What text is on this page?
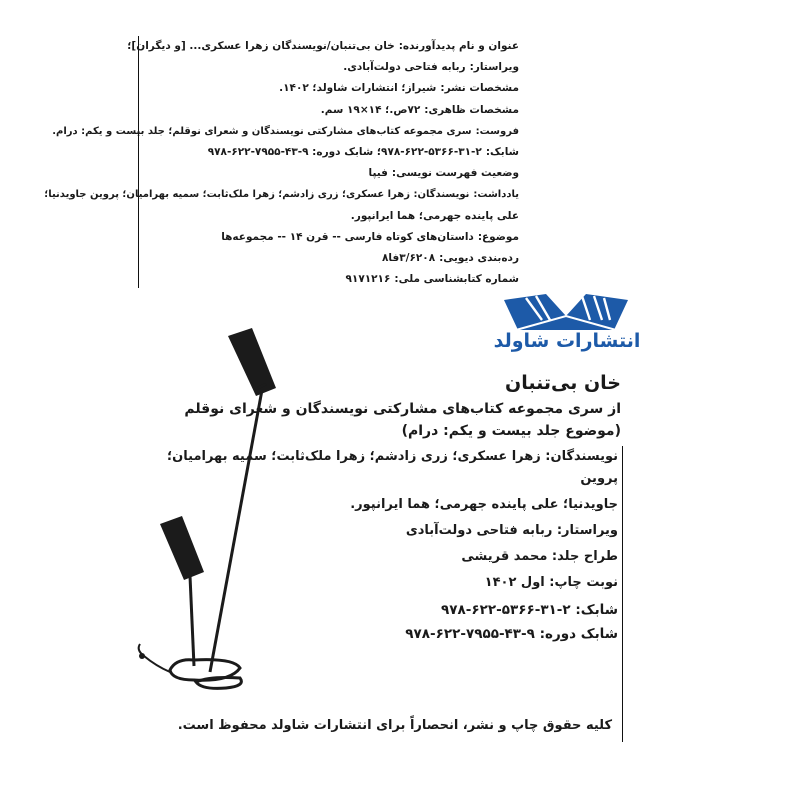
عنوان و نام پدیدآورنده:خان بی‌تنبان/نویسندگان زهرا عسکری... [و دیگران]؛
ویراستار:ربابه فتاحی دولت‌آبادی.
مشخصات نشر:شیراز؛ انتشارات شاولد؛ ۱۴۰۲.
مشخصات ظاهری:۷۲ص.؛ ۱۴×۱۹ سم.
فروست:سری مجموعه کتاب‌های مشارکتی نویسندگان و شعرای نوقلم؛ جلد بیست و یکم: درام.
شابک:۲-۳۱-۵۳۶۶-۶۲۲-۹۷۸؛ شابک دوره: ۹-۴۳-۷۹۵۵-۶۲۲-۹۷۸
وضعیت فهرست نویسی:فیپا
یادداشت:نویسندگان: زهرا عسکری؛ زری زادشم؛ زهرا ملک‌ثابت؛ سمیه بهرامیان؛ پروین جاویدنیا؛
علی پاینده جهرمی؛ هما ایرانپور.
موضوع:داستان‌های کوتاه فارسی -- قرن ۱۴ -- مجموعه‌ها
رده‌بندی دیویی:۳/۶۲۰۸فا۸
شماره کتابشناسی ملی:۹۱۷۱۲۱۶
انتشارات شاولد

خان بی‌تنبان

از سری مجموعه کتاب‌های مشارکتی نویسندگان و شعرای نوقلم

(موضوع جلد بیست و یکم: درام)

نویسندگان: زهرا عسکری؛ زری زادشم؛ زهرا ملک‌ثابت؛ سمیه بهرامیان؛ پروین
جاویدنیا؛ علی پاینده جهرمی؛ هما ایرانپور.
ویراستار: ربابه فتاحی دولت‌آبادی
طراح جلد: محمد قریشی
نوبت چاپ: اول ۱۴۰۲
شابک: ۲-۳۱-۵۳۶۶-۶۲۲-۹۷۸
شابک دوره: ۹-۴۳-۷۹۵۵-۶۲۲-۹۷۸
کلیه حقوق چاپ و نشر، انحصاراً برای انتشارات شاولد محفوظ است.
